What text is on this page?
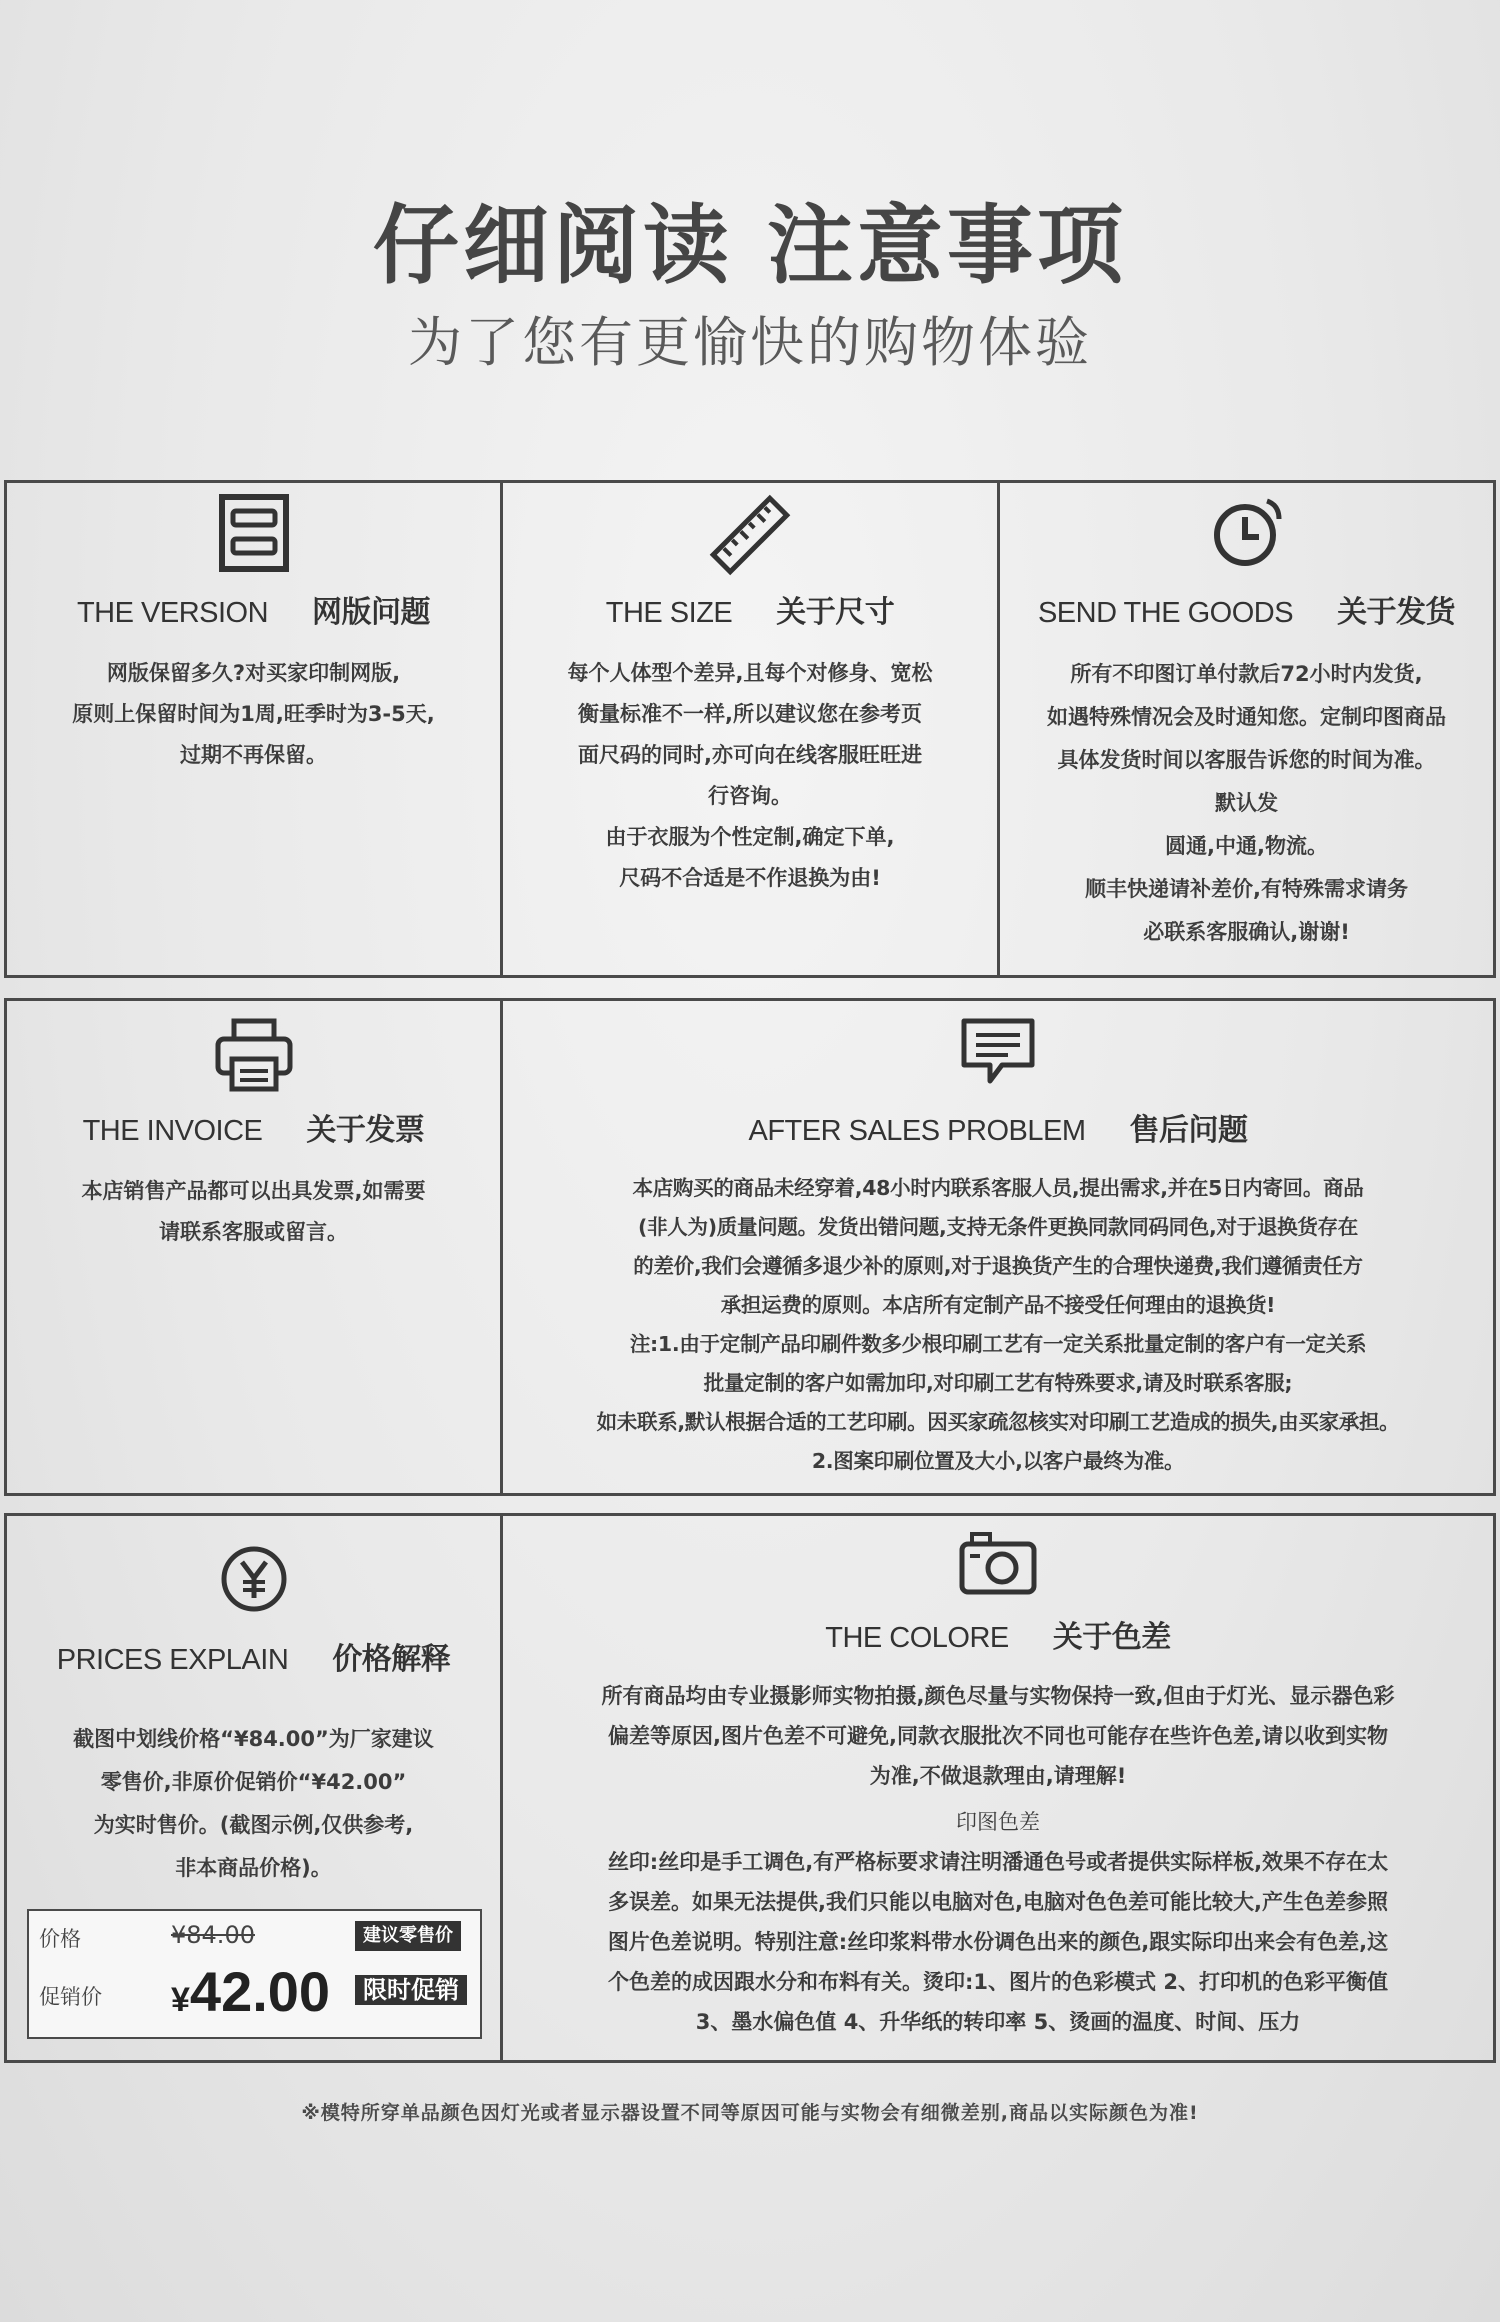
仔细阅读 注意事项
为了您有更愉快的购物体验
THE VERSION 网版问题

网版保留多久?对买家印制网版,

原则上保留时间为1周,旺季时为3-5天,

过期不再保留。

THE SIZE 关于尺寸

每个人体型个差异,且每个对修身、宽松

衡量标准不一样,所以建议您在参考页

面尺码的同时,亦可向在线客服旺旺进

行咨询。

由于衣服为个性定制,确定下单,

尺码不合适是不作退换为由!

SEND THE GOODS 关于发货

所有不印图订单付款后72小时内发货,

如遇特殊情况会及时通知您。定制印图商品

具体发货时间以客服告诉您的时间为准。

默认发

圆通,中通,物流。

顺丰快递请补差价,有特殊需求请务

必联系客服确认,谢谢!

THE INVOICE 关于发票

本店销售产品都可以出具发票,如需要

请联系客服或留言。

AFTER SALES PROBLEM 售后问题

本店购买的商品未经穿着,48小时内联系客服人员,提出需求,并在5日内寄回。商品

(非人为)质量问题。发货出错问题,支持无条件更换同款同码同色,对于退换货存在

的差价,我们会遵循多退少补的原则,对于退换货产生的合理快递费,我们遵循责任方

承担运费的原则。本店所有定制产品不接受任何理由的退换货!

注:1.由于定制产品印刷件数多少根印刷工艺有一定关系批量定制的客户有一定关系

批量定制的客户如需加印,对印刷工艺有特殊要求,请及时联系客服;

如未联系,默认根据合适的工艺印刷。因买家疏忽核实对印刷工艺造成的损失,由买家承担。

2.图案印刷位置及大小,以客户最终为准。

PRICES EXPLAIN 价格解释

截图中划线价格“¥84.00”为厂家建议

零售价,非原价促销价“¥42.00”

为实时售价。(截图示例,仅供参考,

非本商品价格)。

价格	¥84.00	建议零售价
促销价 ¥42.00	限时促销
THE COLORE 关于色差

所有商品均由专业摄影师实物拍摄,颜色尽量与实物保持一致,但由于灯光、显示器色彩

偏差等原因,图片色差不可避免,同款衣服批次不同也可能存在些许色差,请以收到实物

为准,不做退款理由,请理解!

印图色差

丝印:丝印是手工调色,有严格标要求请注明潘通色号或者提供实际样板,效果不存在太

多误差。如果无法提供,我们只能以电脑对色,电脑对色色差可能比较大,产生色差参照

图片色差说明。特别注意:丝印浆料带水份调色出来的颜色,跟实际印出来会有色差,这

个色差的成因跟水分和布料有关。烫印:1、图片的色彩模式 2、打印机的色彩平衡值

3、墨水偏色值 4、升华纸的转印率 5、烫画的温度、时间、压力

※模特所穿单品颜色因灯光或者显示器设置不同等原因可能与实物会有细微差别,商品以实际颜色为准!
